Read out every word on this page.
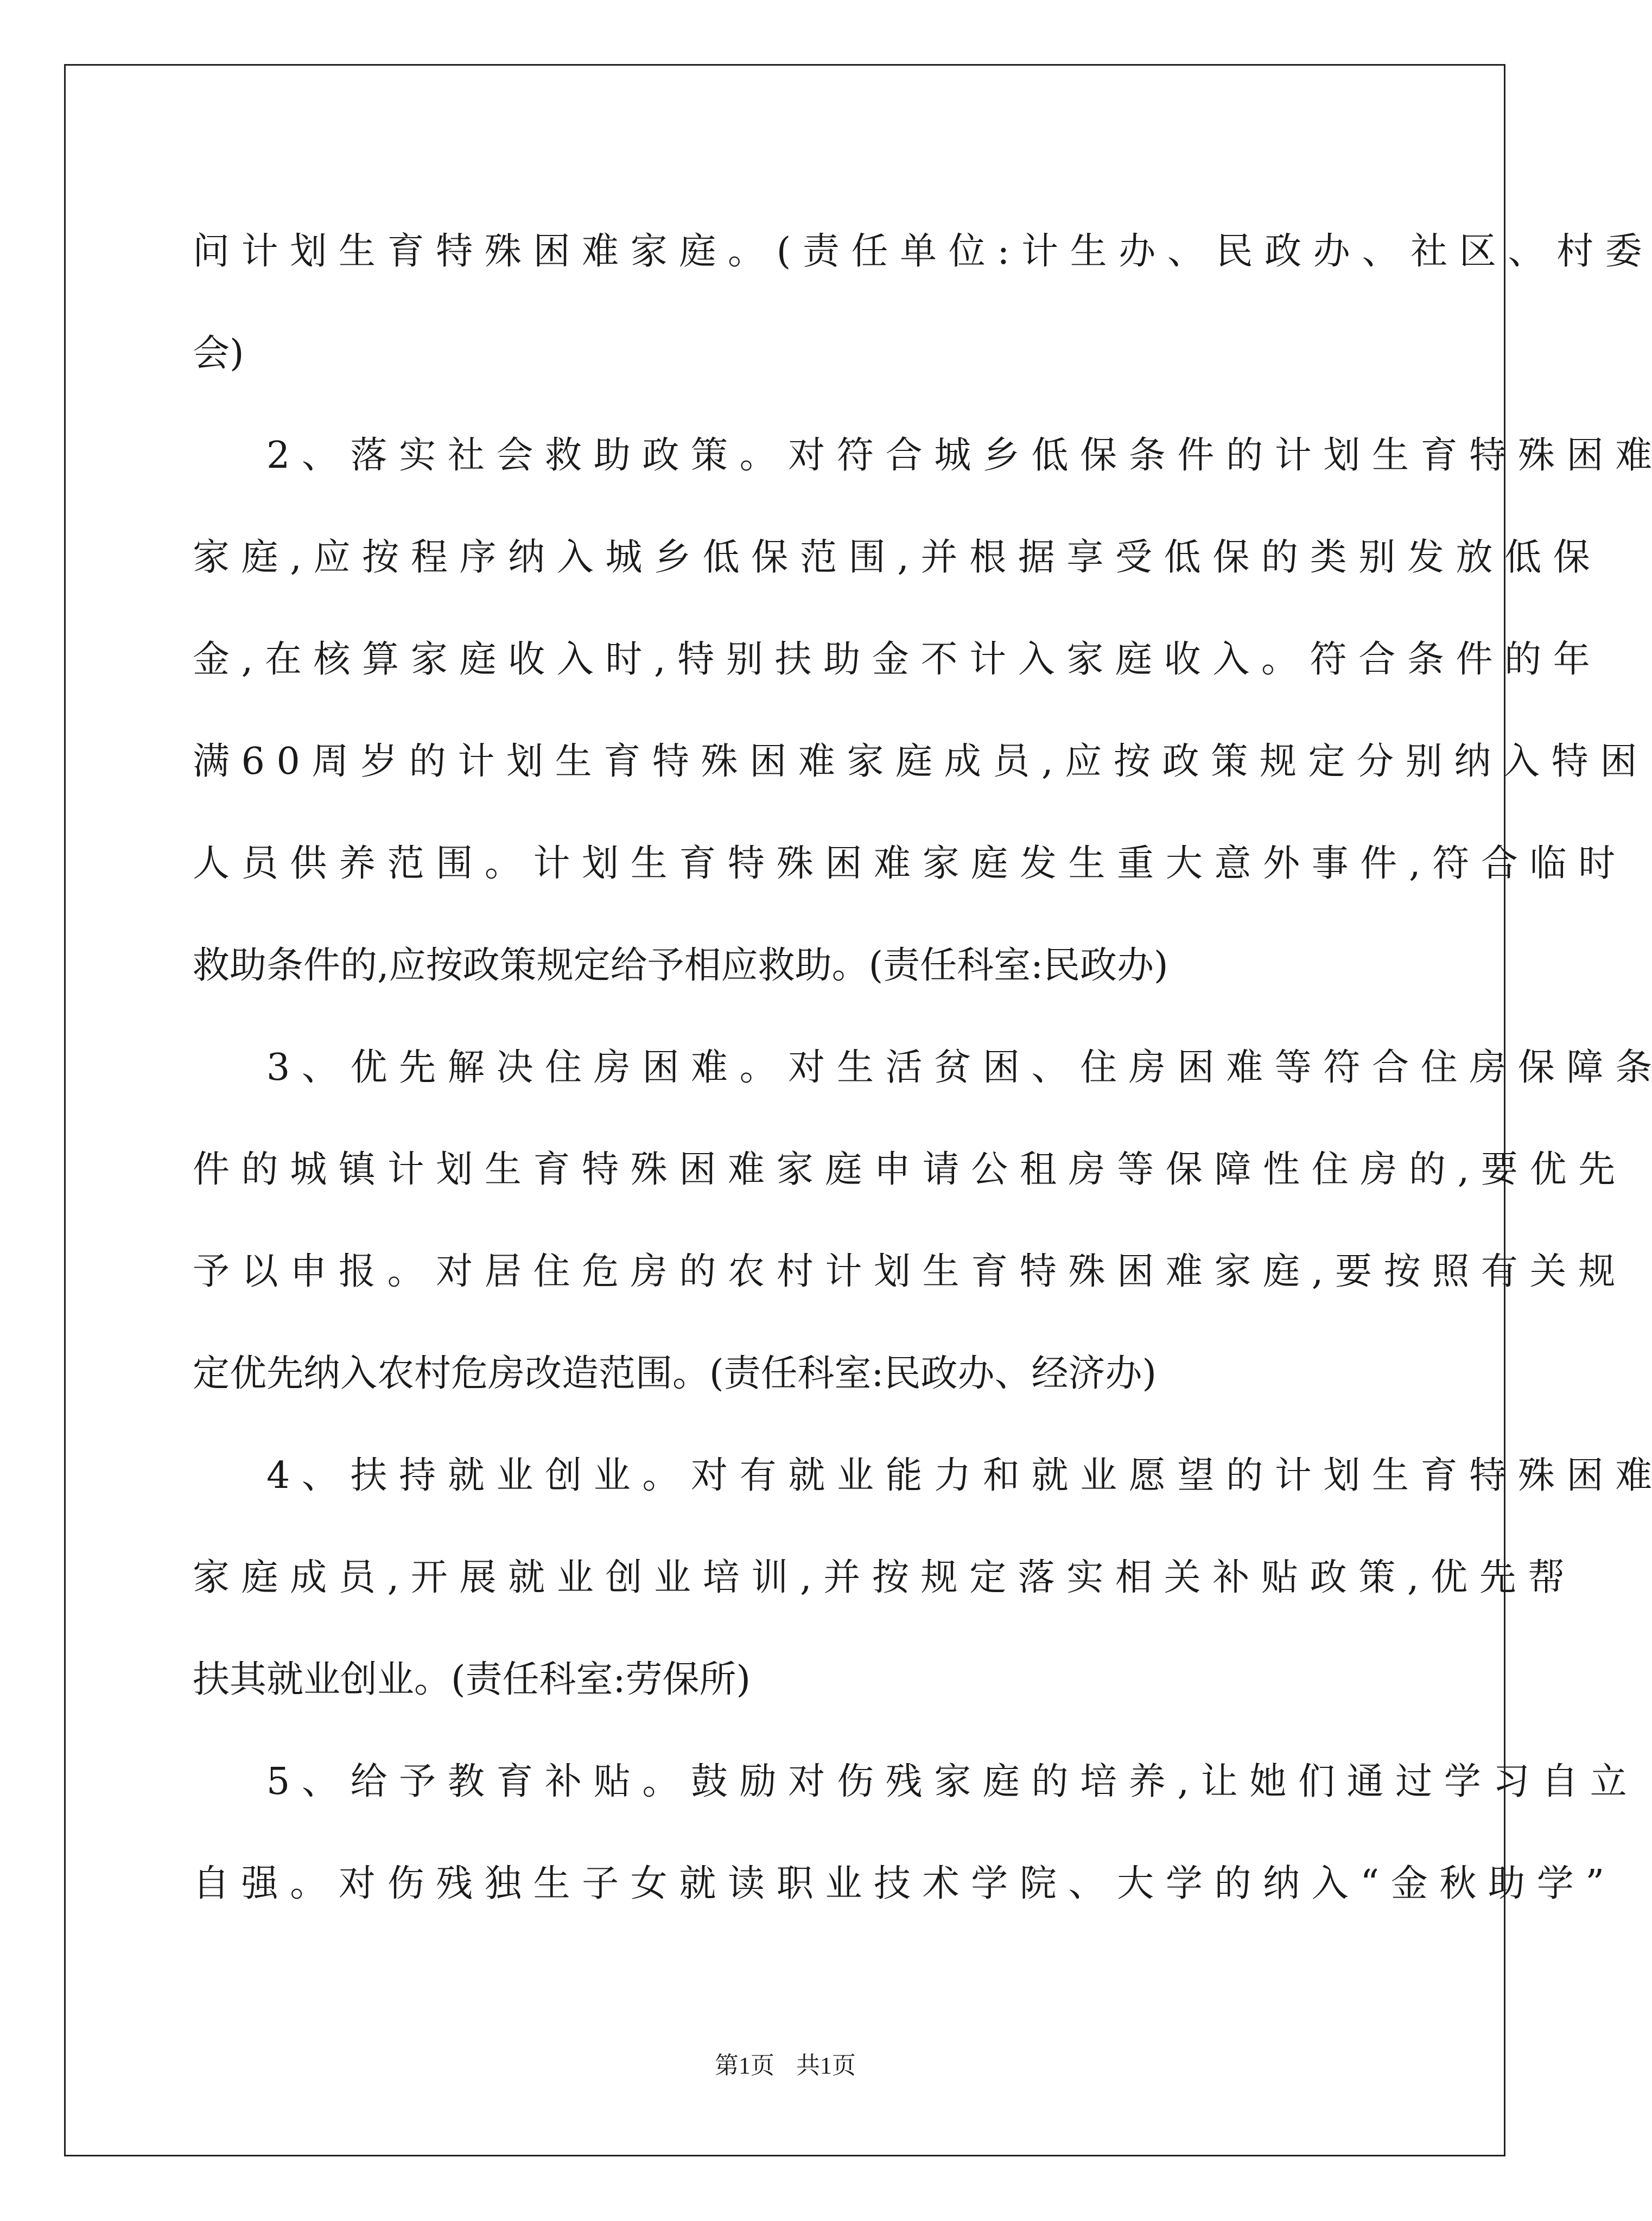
问 计 划 生 育 特 殊 困 难 家 庭 。 ( 责 任 单 位 : 计 生 办 、 民 政 办 、 社 区 、 村 委
会)
2 、 落 实 社 会 救 助 政 策 。 对 符 合 城 乡 低 保 条 件 的 计 划 生 育 特 殊 困 难
家 庭 , 应 按 程 序 纳 入 城 乡 低 保 范 围 , 并 根 据 享 受 低 保 的 类 别 发 放 低 保
金 , 在 核 算 家 庭 收 入 时 , 特 别 扶 助 金 不 计 入 家 庭 收 入 。 符 合 条 件 的 年
满 6 0 周 岁 的 计 划 生 育 特 殊 困 难 家 庭 成 员 , 应 按 政 策 规 定 分 别 纳 入 特 困
人 员 供 养 范 围 。 计 划 生 育 特 殊 困 难 家 庭 发 生 重 大 意 外 事 件 , 符 合 临 时
救助条件的,应按政策规定给予相应救助。(责任科室:民政办)
3 、 优 先 解 决 住 房 困 难 。 对 生 活 贫 困 、 住 房 困 难 等 符 合 住 房 保 障 条
件 的 城 镇 计 划 生 育 特 殊 困 难 家 庭 申 请 公 租 房 等 保 障 性 住 房 的 , 要 优 先
予 以 申 报 。 对 居 住 危 房 的 农 村 计 划 生 育 特 殊 困 难 家 庭 , 要 按 照 有 关 规
定优先纳入农村危房改造范围。(责任科室:民政办、经济办)
4 、 扶 持 就 业 创 业 。 对 有 就 业 能 力 和 就 业 愿 望 的 计 划 生 育 特 殊 困 难
家 庭 成 员 , 开 展 就 业 创 业 培 训 , 并 按 规 定 落 实 相 关 补 贴 政 策 , 优 先 帮
扶其就业创业。(责任科室:劳保所)
5 、 给 予 教 育 补 贴 。 鼓 励 对 伤 残 家 庭 的 培 养 , 让 她 们 通 过 学 习 自 立
自 强 。 对 伤 残 独 生 子 女 就 读 职 业 技 术 学 院 、 大 学 的 纳 入 “ 金 秋 助 学 ”
第1页 共1页
